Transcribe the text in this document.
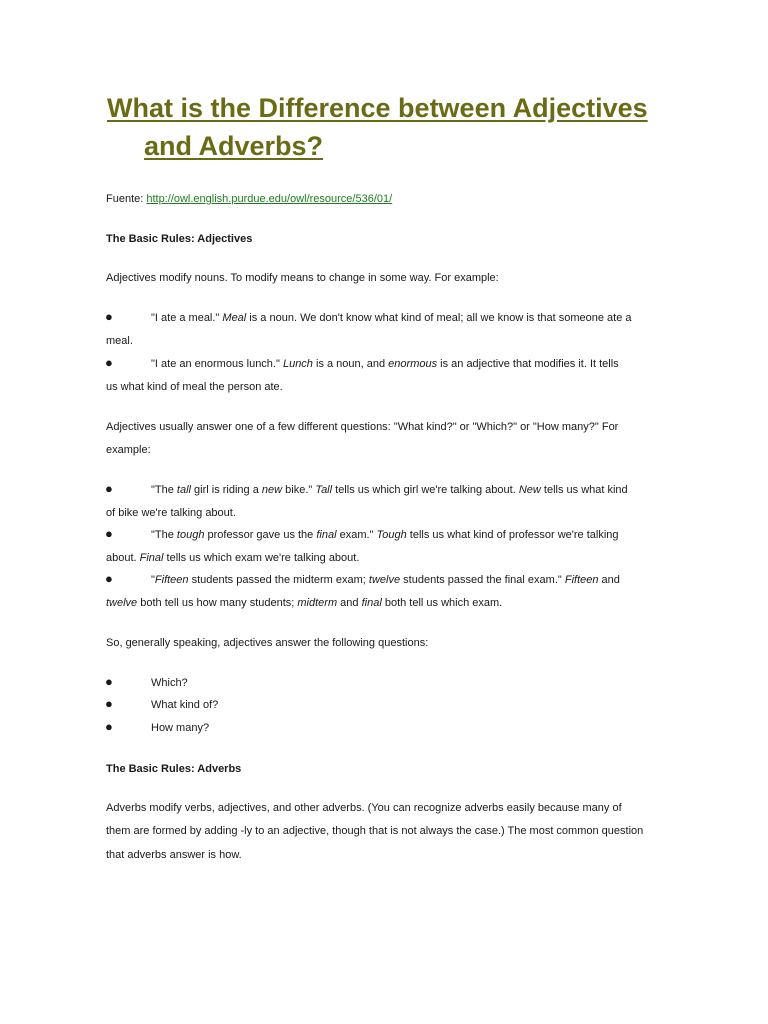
What is the Difference between Adjectives
and Adverbs?
Fuente: http://owl.english.purdue.edu/owl/resource/536/01/
The Basic Rules: Adjectives
Adjectives modify nouns. To modify means to change in some way. For example:
●	"I ate a meal." Meal is a noun. We don't know what kind of meal; all we know is that someone ate a
meal.
●	"I ate an enormous lunch." Lunch is a noun, and enormous is an adjective that modifies it. It tells
us what kind of meal the person ate.
Adjectives usually answer one of a few different questions: "What kind?" or "Which?" or "How many?" For
example:
●	"The tall girl is riding a new bike." Tall tells us which girl we're talking about. New tells us what kind
of bike we're talking about.
●	"The tough professor gave us the final exam." Tough tells us what kind of professor we're talking
about. Final tells us which exam we're talking about.
●	"Fifteen students passed the midterm exam; twelve students passed the final exam." Fifteen and
twelve both tell us how many students; midterm and final both tell us which exam.
So, generally speaking, adjectives answer the following questions:
●	Which?
●	What kind of?
●	How many?
The Basic Rules: Adverbs
Adverbs modify verbs, adjectives, and other adverbs. (You can recognize adverbs easily because many of
them are formed by adding -ly to an adjective, though that is not always the case.) The most common question
that adverbs answer is how.
